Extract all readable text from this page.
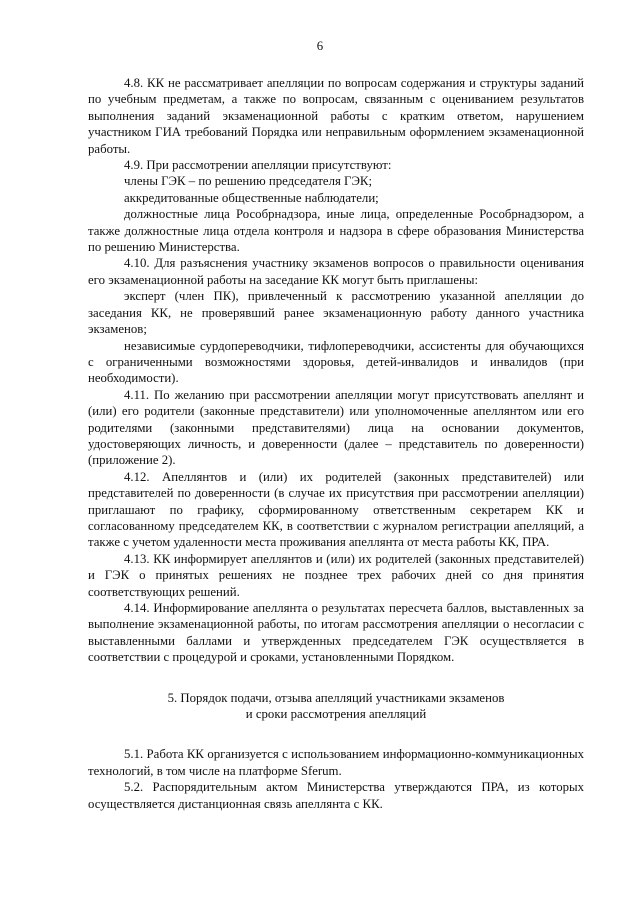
6

4.8. КК не рассматривает апелляции по вопросам содержания и структуры заданий по учебным предметам, а также по вопросам, связанным с оцениванием результатов выполнения заданий экзаменационной работы с кратким ответом, нарушением участником ГИА требований Порядка или неправильным оформлением экзаменационной работы.

4.9. При рассмотрении апелляции присутствуют:

члены ГЭК – по решению председателя ГЭК;

аккредитованные общественные наблюдатели;

должностные лица Рособрнадзора, иные лица, определенные Рособрнадзором, а также должностные лица отдела контроля и надзора в сфере образования Министерства по решению Министерства.

4.10. Для разъяснения участнику экзаменов вопросов о правильности оценивания его экзаменационной работы на заседание КК могут быть приглашены:

эксперт (член ПК), привлеченный к рассмотрению указанной апелляции до заседания КК, не проверявший ранее экзаменационную работу данного участника экзаменов;

независимые сурдопереводчики, тифлопереводчики, ассистенты для обучающихся с ограниченными возможностями здоровья, детей-инвалидов и инвалидов (при необходимости).

4.11. По желанию при рассмотрении апелляции могут присутствовать апеллянт и (или) его родители (законные представители) или уполномоченные апеллянтом или его родителями (законными представителями) лица на основании документов, удостоверяющих личность, и доверенности (далее – представитель по доверенности) (приложение 2).

4.12. Апеллянтов и (или) их родителей (законных представителей) или представителей по доверенности (в случае их присутствия при рассмотрении апелляции) приглашают по графику, сформированному ответственным секретарем КК и согласованному председателем КК, в соответствии с журналом регистрации апелляций, а также с учетом удаленности места проживания апеллянта от места работы КК, ПРА.

4.13. КК информирует апеллянтов и (или) их родителей (законных представителей) и ГЭК о принятых решениях не позднее трех рабочих дней со дня принятия соответствующих решений.

4.14. Информирование апеллянта о результатах пересчета баллов, выставленных за выполнение экзаменационной работы, по итогам рассмотрения апелляции о несогласии с выставленными баллами и утвержденных председателем ГЭК осуществляется в соответствии с процедурой и сроками, установленными Порядком.

5. Порядок подачи, отзыва апелляций участниками экзаменов
и сроки рассмотрения апелляций

5.1. Работа КК организуется с использованием информационно-коммуникационных технологий, в том числе на платформе Sferum.

5.2. Распорядительным актом Министерства утверждаются ПРА, из которых осуществляется дистанционная связь апеллянта с КК.
